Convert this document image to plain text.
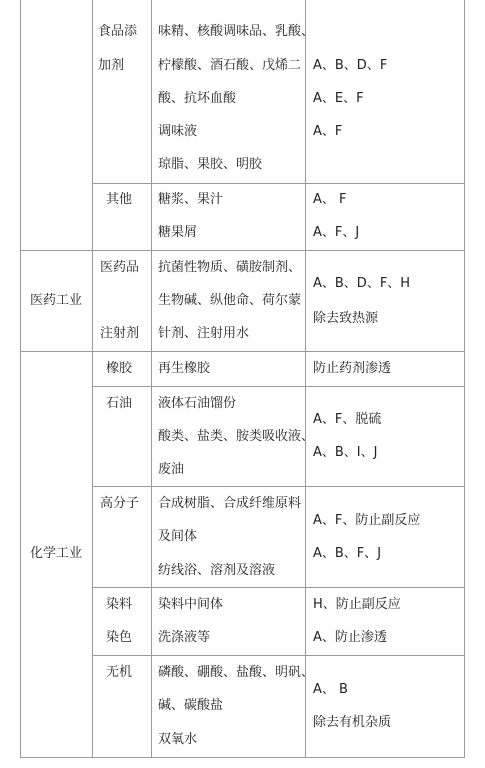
食品添
加剂
味精、核酸调味品、乳酸、
柠檬酸、酒石酸、戊烯二
酸、抗坏血酸
调味液
琼脂、果胶、明胶
A、B、D、F
A、E、F
A、F
其他 糖浆、果汁
糖果屑
A、 F
A、F、J
医药工业
医药品
注射剂
抗菌性物质、磺胺制剂、
生物碱、纵他命、荷尔蒙
针剂、注射用水
A、B、D、F、H
除去致热源
化学工业
橡胶 再生橡胶	防止药剂渗透
石油 液体石油馏份
酸类、盐类、胺类吸收液、
废油
A、F、脱硫
A、B、I、J
高分子 合成树脂、合成纤维原料
及间体
纺线浴、溶剂及溶液
A、F、防止副反应
A、B、F、J
染料
染色
染料中间体
洗涤液等
H、防止副反应
A、防止渗透
无机 磷酸、硼酸、盐酸、明矾、
碱、碳酸盐
双氧水
A、 B
除去有机杂质
